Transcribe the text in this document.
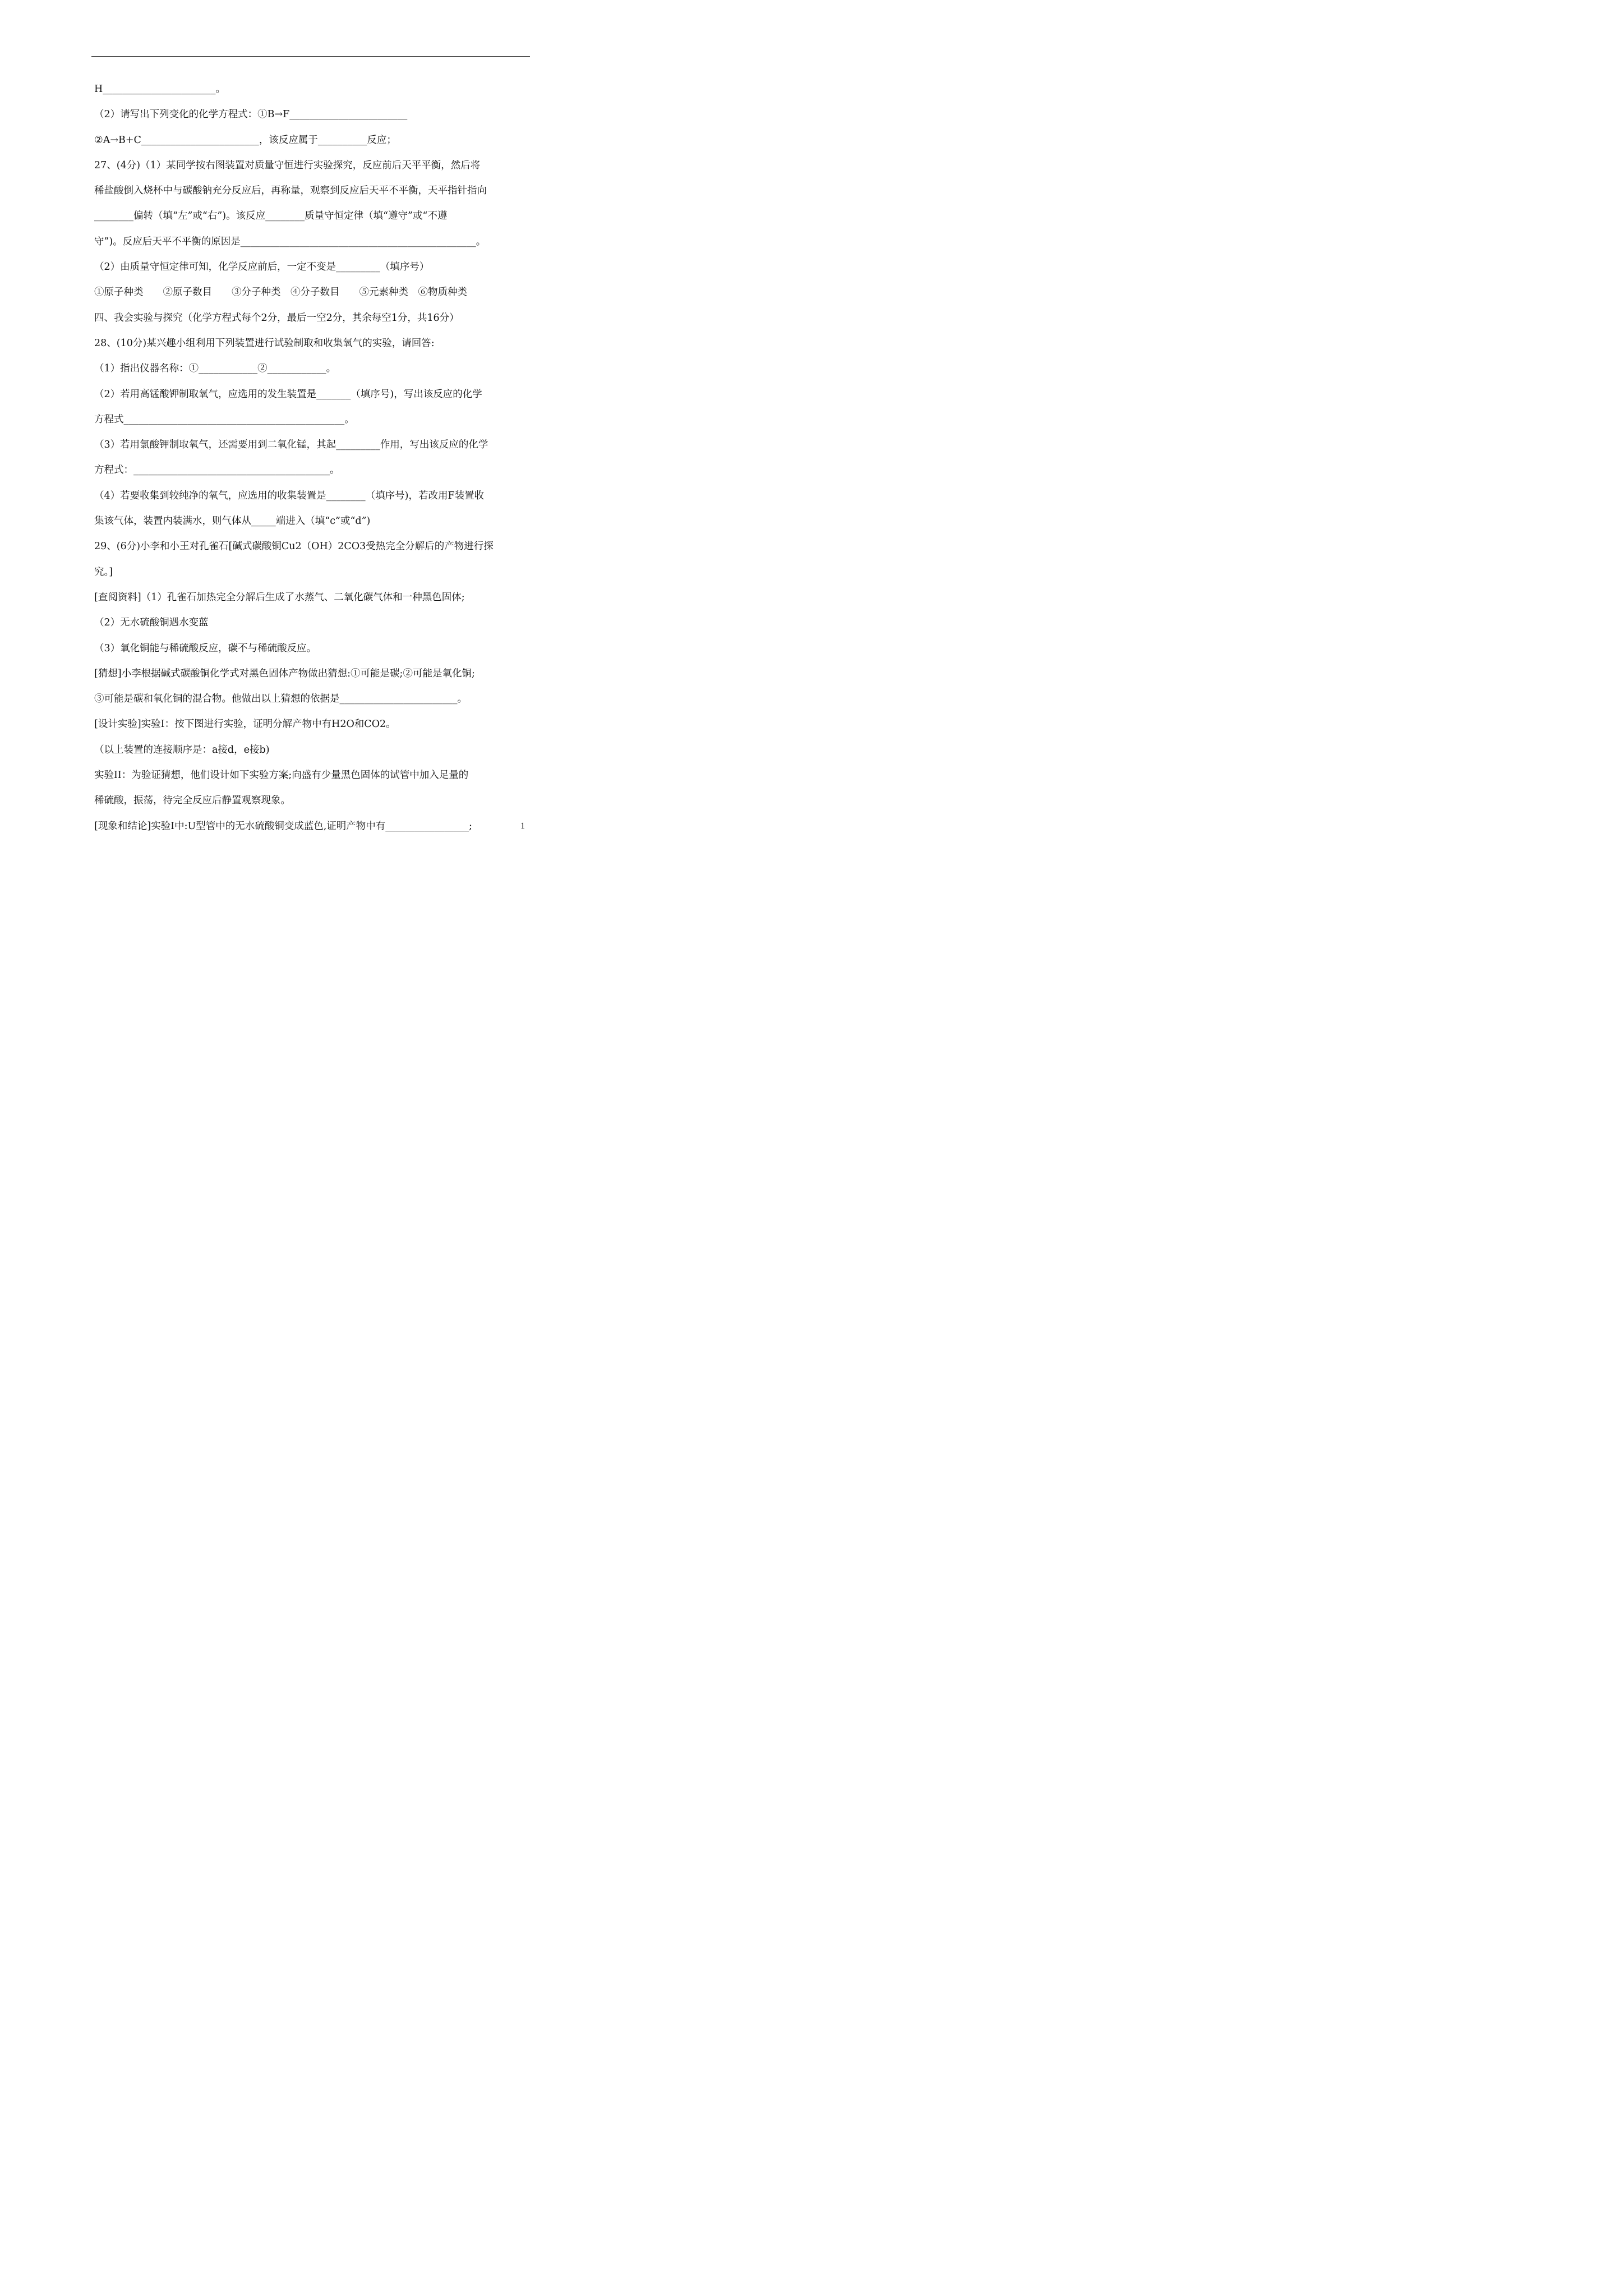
H_______________________。
（2）请写出下列变化的化学方程式：①B→F________________________
②A→B+C________________________，该反应属于__________反应；
27、(4分)（1）某同学按右图装置对质量守恒进行实验探究，反应前后天平平衡，然后将
稀盐酸倒入烧杯中与碳酸钠充分反应后，再称量，观察到反应后天平不平衡，天平指针指向
________偏转（填“左”或“右”)。该反应________质量守恒定律（填“遵守”或“不遵
守”)。反应后天平不平衡的原因是________________________________________________。
（2）由质量守恒定律可知，化学反应前后，一定不变是_________（填序号）
①原子种类　　②原子数目　　③分子种类　④分子数目　　⑤元素种类　⑥物质种类
四、我会实验与探究（化学方程式每个2分，最后一空2分，其余每空1分，共16分）
28、(10分)某兴趣小组利用下列装置进行试验制取和收集氧气的实验，请回答:
（1）指出仪器名称：①____________②____________。
（2）若用高锰酸钾制取氧气，应选用的发生装置是_______（填序号)，写出该反应的化学
方程式_____________________________________________。
（3）若用氯酸钾制取氧气，还需要用到二氧化锰，其起_________作用，写出该反应的化学
方程式：________________________________________。
（4）若要收集到较纯净的氧气，应选用的收集装置是________（填序号)，若改用F装置收
集该气体，装置内装满水，则气体从_____端进入（填“c”或“d”)
29、(6分)小李和小王对孔雀石[碱式碳酸铜Cu2（OH）2CO3受热完全分解后的产物进行探
究。]
[查阅资料]（1）孔雀石加热完全分解后生成了水蒸气、二氧化碳气体和一种黑色固体;
（2）无水硫酸铜遇水变蓝
（3）氧化铜能与稀硫酸反应，碳不与稀硫酸反应。
[猜想]小李根据碱式碳酸铜化学式对黑色固体产物做出猜想:①可能是碳;②可能是氧化铜;
③可能是碳和氧化铜的混合物。他做出以上猜想的依据是________________________。
[设计实验]实验I：按下图进行实验，证明分解产物中有H2O和CO2。
（以上装置的连接顺序是：a接d，e接b)
实验II：为验证猜想，他们设计如下实验方案;向盛有少量黑色固体的试管中加入足量的
稀硫酸，振荡，待完全反应后静置观察现象。
[现象和结论]实验I中:U型管中的无水硫酸铜变成蓝色,证明产物中有_________________;	1
